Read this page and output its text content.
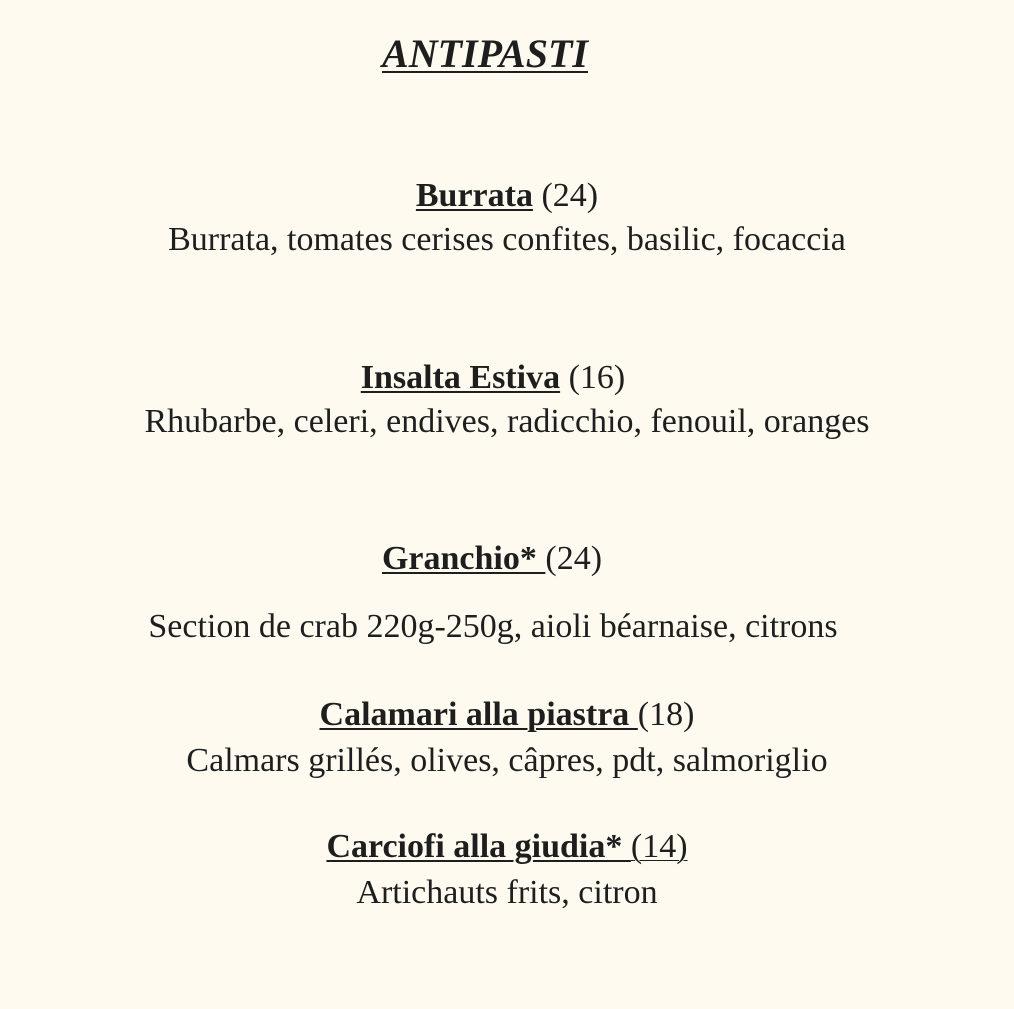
ANTIPASTI
Burrata (24)
Burrata, tomates cerises confites, basilic, focaccia
Insalta Estiva (16)
Rhubarbe, celeri, endives, radicchio, fenouil, oranges
Granchio* (24)
Section de crab 220g-250g, aioli béarnaise, citrons
Calamari alla piastra (18)
Calmars grillés, olives, câpres, pdt, salmoriglio
Carciofi alla giudia* (14)
Artichauts frits, citron
